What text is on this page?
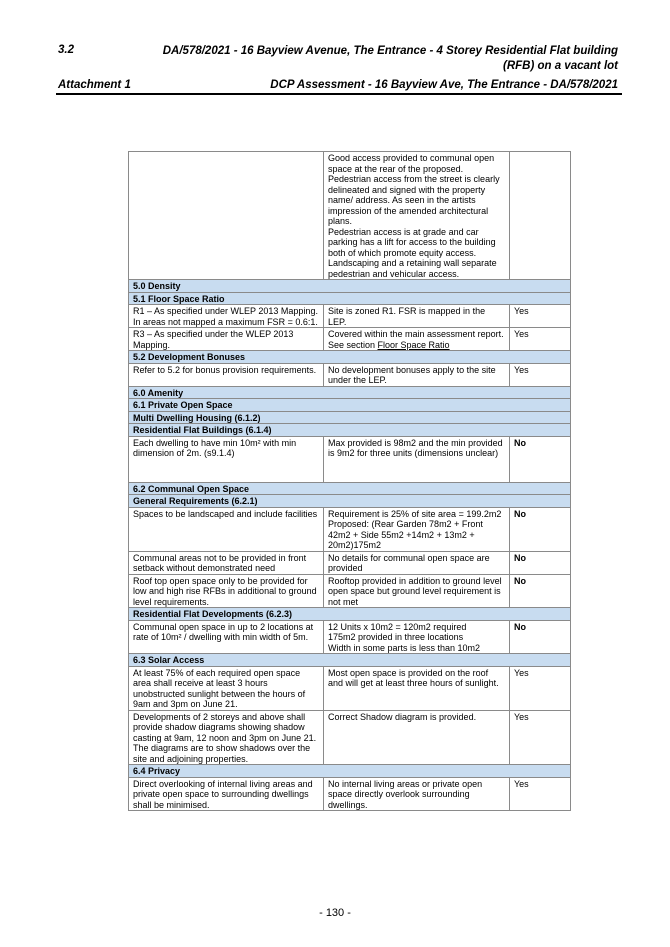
3.2	DA/578/2021 - 16 Bayview Avenue, The Entrance - 4 Storey Residential Flat building
(RFB) on a vacant lot
Attachment 1	DCP Assessment - 16 Bayview Ave, The Entrance - DA/578/2021
	Good access provided to communal open space at the rear of the proposed. Pedestrian access from the street is clearly delineated and signed with the property name/ address. As seen in the artists impression of the amended architectural plans.
Pedestrian access is at grade and car parking has a lift for access to the building both of which promote equity access.
Landscaping and a retaining wall separate pedestrian and vehicular access.	
5.0 Density		
5.1 Floor Space Ratio		
R1 – As specified under WLEP 2013 Mapping. In areas not mapped a maximum FSR = 0.6:1.	Site is zoned R1. FSR is mapped in the LEP.	Yes
R3 – As specified under the WLEP 2013 Mapping.	Covered within the main assessment report. See section Floor Space Ratio	Yes
5.2 Development Bonuses		
Refer to 5.2 for bonus provision requirements.	No development bonuses apply to the site under the LEP.	Yes
6.0 Amenity		
6.1 Private Open Space		
Multi Dwelling Housing (6.1.2)		
Residential Flat Buildings (6.1.4)		
Each dwelling to have min 10m² with min dimension of 2m. (s9.1.4)	Max provided is 98m2 and the min provided is 9m2 for three units (dimensions unclear)	No
6.2 Communal Open Space		
General Requirements (6.2.1)		
Spaces to be landscaped and include facilities	Requirement is 25% of site area = 199.2m2
Proposed: (Rear Garden 78m2 + Front 42m2 + Side 55m2 +14m2 + 13m2 + 20m2)175m2	No
Communal areas not to be provided in front setback without demonstrated need	No details for communal open space are provided	No
Roof top open space only to be provided for low and high rise RFBs in additional to ground level requirements.	Rooftop provided in addition to ground level open space but ground level requirement is not met	No
Residential Flat Developments (6.2.3)		
Communal open space in up to 2 locations at rate of 10m² / dwelling with min width of 5m.	12 Units x 10m2 = 120m2 required
175m2 provided in three locations
Width in some parts is less than 10m2	No
6.3 Solar Access		
At least 75% of each required open space area shall receive at least 3 hours unobstructed sunlight between the hours of 9am and 3pm on June 21.	Most open space is provided on the roof and will get at least three hours of sunlight.	Yes
Developments of 2 storeys and above shall provide shadow diagrams showing shadow casting at 9am, 12 noon and 3pm on June 21. The diagrams are to show shadows over the site and adjoining properties.	Correct Shadow diagram is provided.	Yes
6.4 Privacy		
Direct overlooking of internal living areas and private open space to surrounding dwellings shall be minimised.	No internal living areas or private open space directly overlook surrounding dwellings.	Yes
- 130 -
